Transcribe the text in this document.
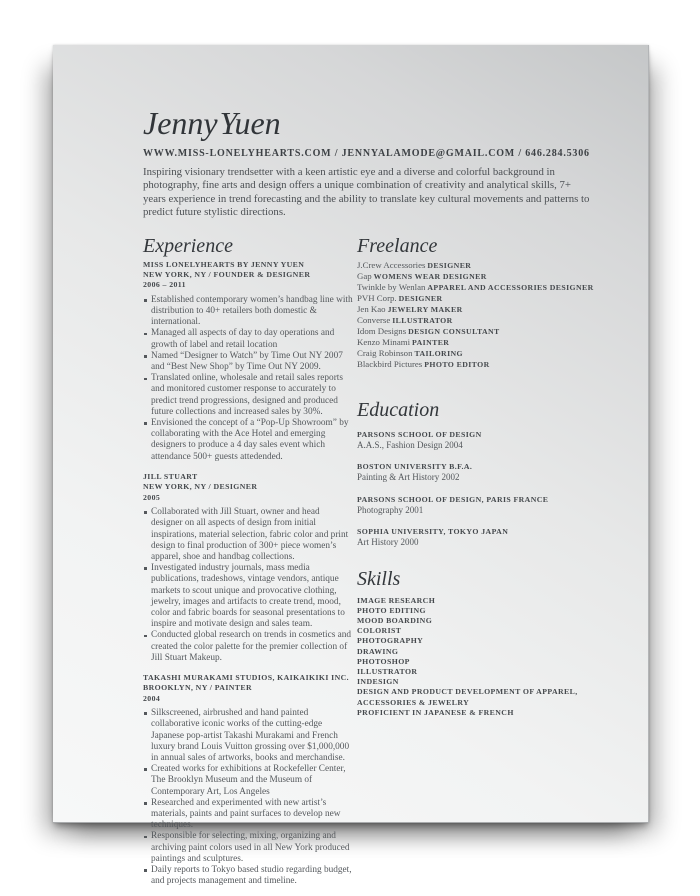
JennyYuen
WWW.MISS-LONELYHEARTS.COM / JENNYALAMODE@GMAIL.COM / 646.284.5306

Inspiring visionary trendsetter with a keen artistic eye and a diverse and colorful background in photography, fine arts and design offers a unique combination of creativity and analytical skills, 7+ years experience in trend forecasting and the ability to translate key cultural movements and patterns to predict future stylistic directions.

Experience
MISS LONELYHEARTS BY JENNY YUEN
NEW YORK, NY / FOUNDER & DESIGNER
2006 – 2011
Established contemporary women’s handbag line with distribution to 40+ retailers both domestic & international.
Managed all aspects of day to day operations and growth of label and retail location
Named “Designer to Watch” by Time Out NY 2007 and “Best New Shop” by Time Out NY 2009.
Translated online, wholesale and retail sales reports and monitored customer response to accurately to predict trend progressions, designed and produced future collections and increased sales by 30%.
Envisioned the concept of a “Pop-Up Showroom” by collaborating with the Ace Hotel and emerging designers to produce a 4 day sales event which attendance 500+ guests attedended.
JILL STUART
NEW YORK, NY / DESIGNER
2005
Collaborated with Jill Stuart, owner and head designer on all aspects of design from initial inspirations, material selection, fabric color and print design to final production of 300+ piece women’s apparel, shoe and handbag collections.
Investigated industry journals, mass media publications, tradeshows, vintage vendors, antique markets to scout unique and provocative clothing, jewelry, images and artifacts to create trend, mood, color and fabric boards for seasonal presentations to inspire and motivate design and sales team.
Conducted global research on trends in cosmetics and created the color palette for the premier collection of Jill Stuart Makeup.
TAKASHI MURAKAMI STUDIOS, KAIKAIKIKI INC.
BROOKLYN, NY / PAINTER
2004
Silkscreened, airbrushed and hand painted collaborative iconic works of the cutting-edge Japanese pop-artist Takashi Murakami and French luxury brand Louis Vuitton grossing over $1,000,000 in annual sales of artworks, books and merchandise.
Created works for exhibitions at Rockefeller Center, The Brooklyn Museum and the Museum of Contemporary Art, Los Angeles
Researched and experimented with new artist’s materials, paints and paint surfaces to develop new techniques.
Responsible for selecting, mixing, organizing and archiving paint colors used in all New York produced paintings and sculptures.
Daily reports to Tokyo based studio regarding budget, and projects management and timeline.
Freelance
J.Crew Accessories DESIGNER
Gap WOMENS WEAR DESIGNER
Twinkle by Wenlan APPAREL AND ACCESSORIES DESIGNER
PVH Corp. DESIGNER
Jen Kao JEWELRY MAKER
Converse ILLUSTRATOR
Idom Designs DESIGN CONSULTANT
Kenzo Minami PAINTER
Craig Robinson TAILORING
Blackbird Pictures PHOTO EDITOR
Education
PARSONS SCHOOL OF DESIGN
A.A.S., Fashion Design 2004
BOSTON UNIVERSITY B.F.A.
Painting & Art History 2002
PARSONS SCHOOL OF DESIGN, PARIS FRANCE
Photography 2001
SOPHIA UNIVERSITY, TOKYO JAPAN
Art History 2000
Skills
IMAGE RESEARCH
PHOTO EDITING
MOOD BOARDING
COLORIST
PHOTOGRAPHY
DRAWING
PHOTOSHOP
ILLUSTRATOR
INDESIGN
DESIGN AND PRODUCT DEVELOPMENT OF APPAREL, ACCESSORIES & JEWELRY
PROFICIENT IN JAPANESE & FRENCH
